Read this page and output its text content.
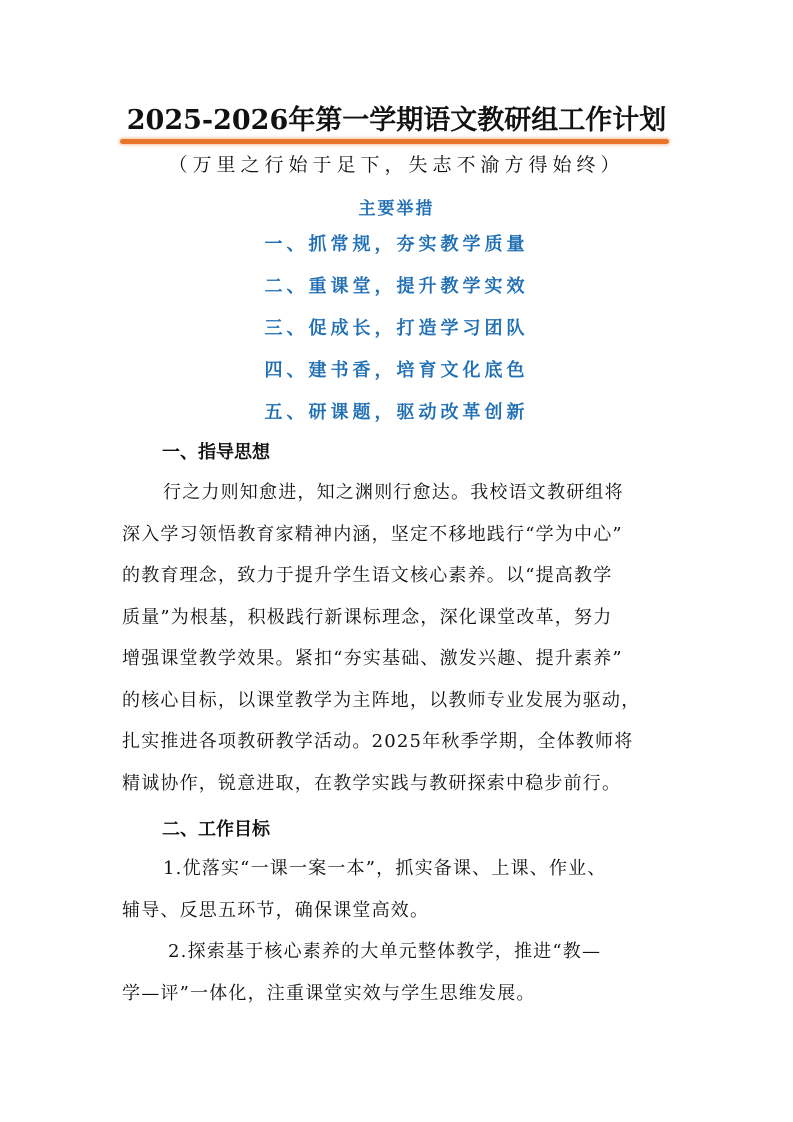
2025-2026年第一学期语文教研组工作计划
（万里之行始于足下，失志不渝方得始终）
主要举措
一、抓常规，夯实教学质量
二、重课堂，提升教学实效
三、促成长，打造学习团队
四、建书香，培育文化底色
五、研课题，驱动改革创新
一、指导思想
行之力则知愈进，知之渊则行愈达。我校语文教研组将
深入学习领悟教育家精神内涵，坚定不移地践行“学为中心”
的教育理念，致力于提升学生语文核心素养。以“提高教学
质量”为根基，积极践行新课标理念，深化课堂改革，努力
增强课堂教学效果。紧扣“夯实基础、激发兴趣、提升素养”
的核心目标，以课堂教学为主阵地，以教师专业发展为驱动，
扎实推进各项教研教学活动。2025年秋季学期，全体教师将
精诚协作，锐意进取，在教学实践与教研探索中稳步前行。
二、工作目标
1.优落实“一课一案一本”，抓实备课、上课、作业、
辅导、反思五环节，确保课堂高效。
2.探索基于核心素养的大单元整体教学，推进“教—
学—评”一体化，注重课堂实效与学生思维发展。
